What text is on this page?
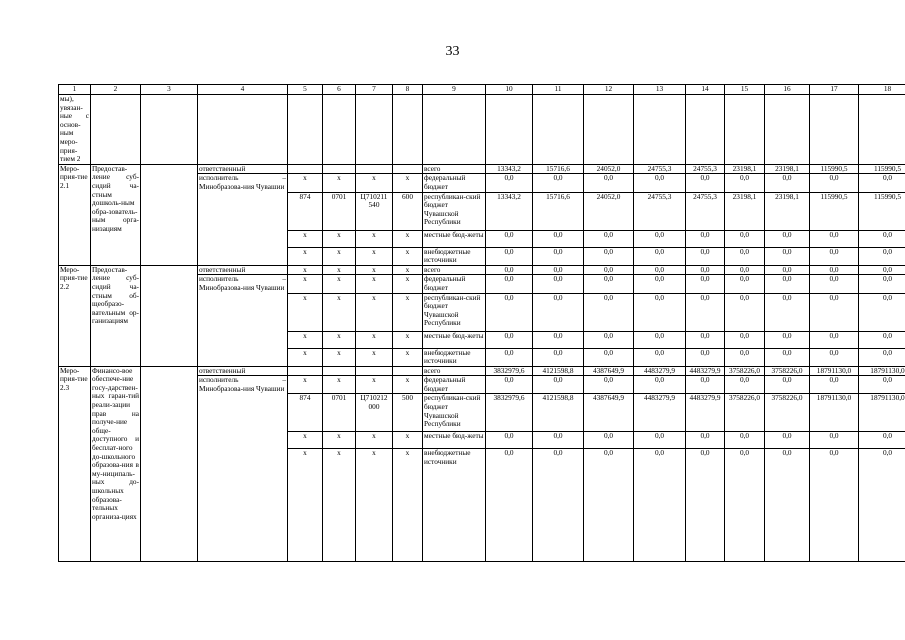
33
1	2	3	4	5	6	7	8	9	10	11	12	13	14	15	16	17	18
мы), увязан-ные с основ-ным меро-прия-тием 2																	
Меро-прия-тие 2.1	Предостав-ление суб-сидий ча-стным дошколь-ным обра-зователь-ным орга-низациям		ответственный					всего	13343,2	15716,6	24052,0	24755,3	24755,3	23198,1	23198,1	115990,5	115990,5
			исполнитель – Минобразова-ния Чувашии	x	x	x	x	федеральный бюджет	0,0	0,0	0,0	0,0	0,0	0,0	0,0	0,0	0,0
				874	0701	Ц710211 540	600	республикан-ский бюджет Чувашской Республики	13343,2	15716,6	24052,0	24755,3	24755,3	23198,1	23198,1	115990,5	115990,5
				x	x	x	x	местные бюд-жеты	0,0	0,0	0,0	0,0	0,0	0,0	0,0	0,0	0,0
				x	x	x	x	внебюджетные источники	0,0	0,0	0,0	0,0	0,0	0,0	0,0	0,0	0,0
Меро-прия-тие 2.2	Предостав-ление суб-сидий ча-стным об-щеобразо-вательным ор-ганизациям		ответственный	x	x	x	x	всего	0,0	0,0	0,0	0,0	0,0	0,0	0,0	0,0	0,0
			исполнитель – Минобразова-ния Чувашии	x	x	x	x	федеральный бюджет	0,0	0,0	0,0	0,0	0,0	0,0	0,0	0,0	0,0
				x	x	x	x	республикан-ский бюджет Чувашской Республики	0,0	0,0	0,0	0,0	0,0	0,0	0,0	0,0	0,0
				x	x	x	x	местные бюд-жеты	0,0	0,0	0,0	0,0	0,0	0,0	0,0	0,0	0,0
				x	x	x	x	внебюджетные источники	0,0	0,0	0,0	0,0	0,0	0,0	0,0	0,0	0,0
Меро-прия-тие 2.3	Финансо-вое обеспече-ние госу-дарствен-ных гаран-тий реали-зации прав на получе-ние обще-доступного и бесплат-ного до-школьного образова-ния в му-ниципаль-ных до-школьных образова-тельных организа-циях		ответственный					всего	3832979,6	4121598,8	4387649,9	4483279,9	4483279,9	3758226,0	3758226,0	18791130,0	18791130,0
			исполнитель – Минобразова-ния Чувашии	x	x	x	x	федеральный бюджет	0,0	0,0	0,0	0,0	0,0	0,0	0,0	0,0	0,0
				874	0701	Ц710212 000	500	республикан-ский бюджет Чувашской Республики	3832979,6	4121598,8	4387649,9	4483279,9	4483279,9	3758226,0	3758226,0	18791130,0	18791130,0
				x	x	x	x	местные бюд-жеты	0,0	0,0	0,0	0,0	0,0	0,0	0,0	0,0	0,0
				x	x	x	x	внебюджетные источники	0,0	0,0	0,0	0,0	0,0	0,0	0,0	0,0	0,0
